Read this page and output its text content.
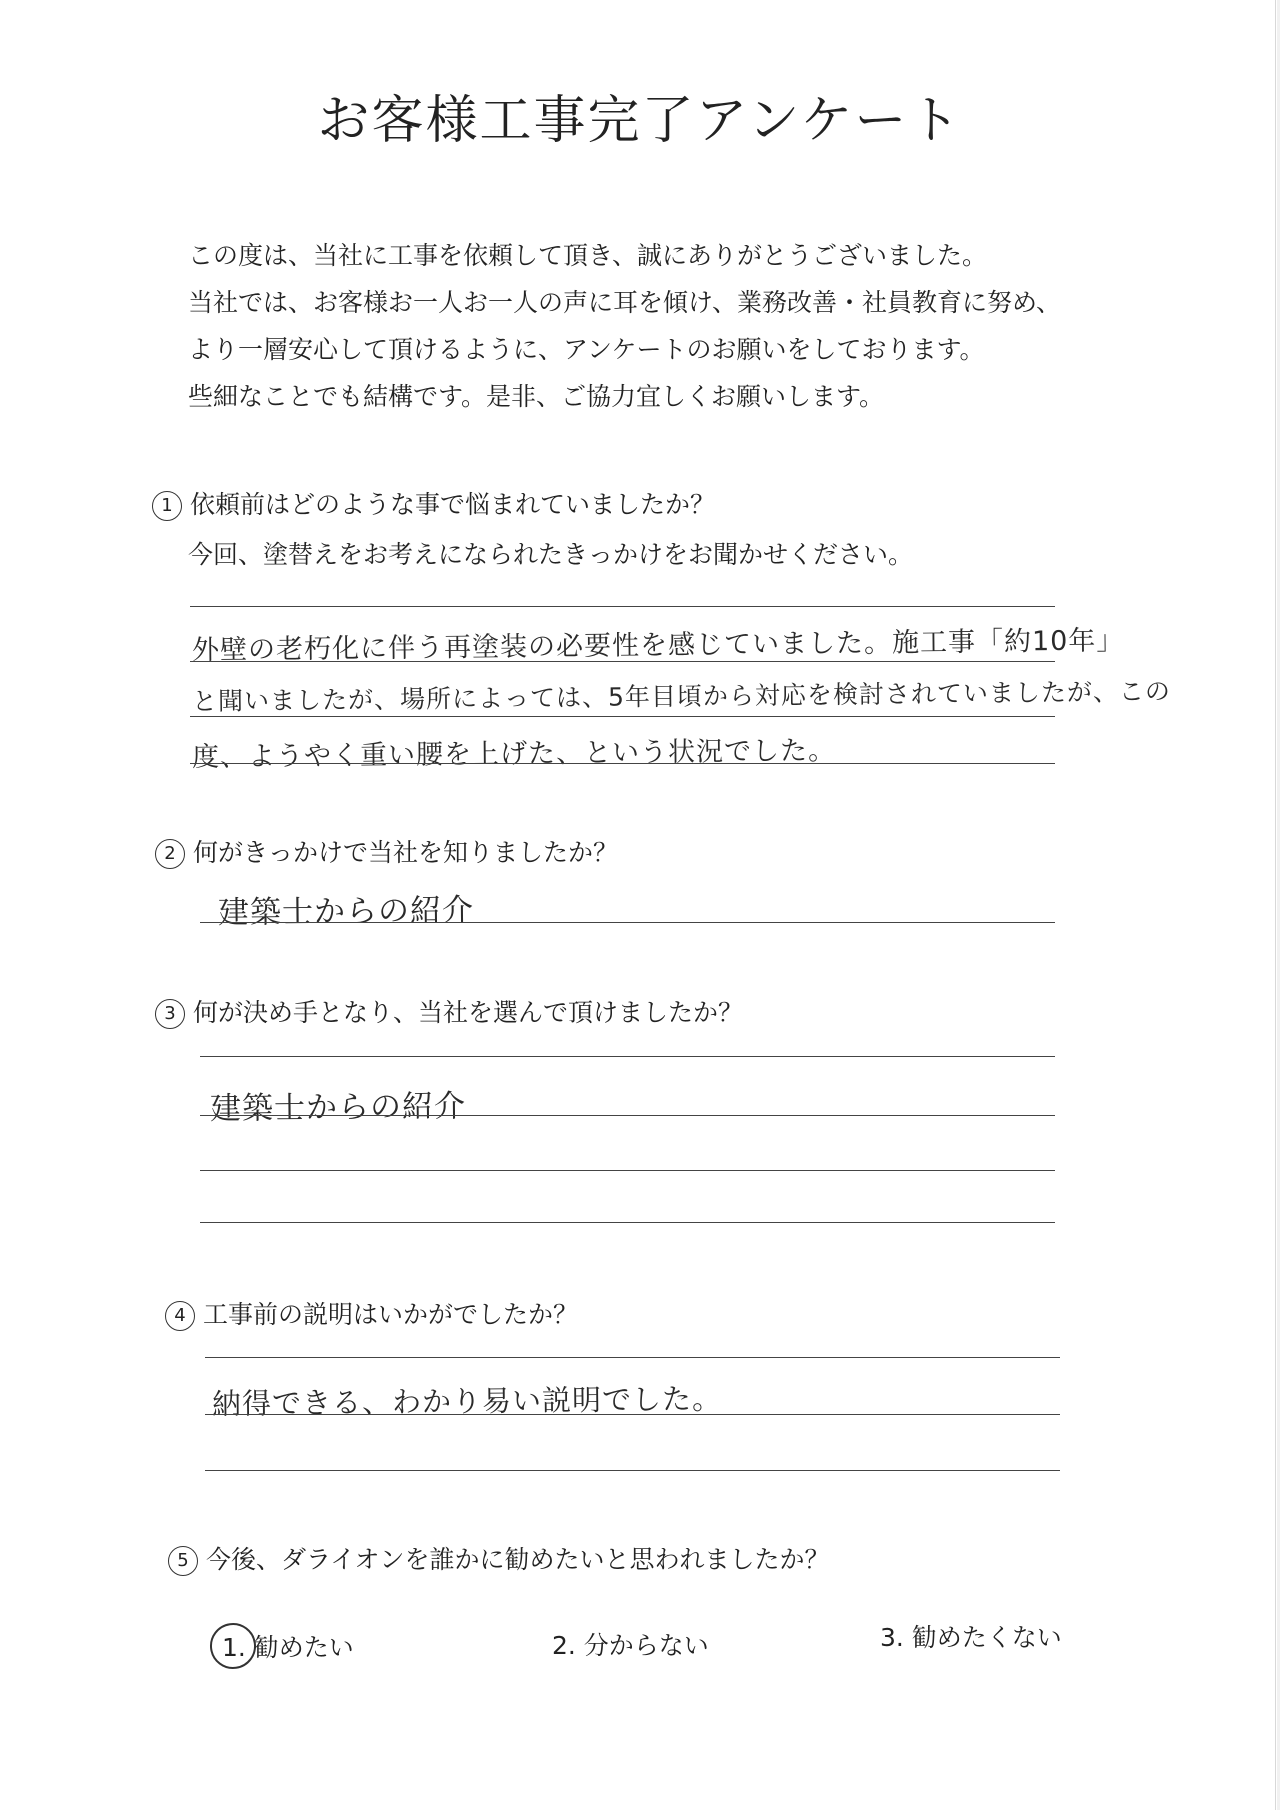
お客様工事完了アンケート
この度は、当社に工事を依頼して頂き、誠にありがとうございました。
当社では、お客様お一人お一人の声に耳を傾け、業務改善・社員教育に努め、
より一層安心して頂けるように、アンケートのお願いをしております。
些細なことでも結構です。是非、ご協力宜しくお願いします。
1 依頼前はどのような事で悩まれていましたか？
今回、塗替えをお考えになられたきっかけをお聞かせください。
外壁の老朽化に伴う再塗装の必要性を感じていました。施工事「約10年」
と聞いましたが、場所によっては、5年目頃から対応を検討されていましたが、この
度、ようやく重い腰を上げた、という状況でした。
2 何がきっかけで当社を知りましたか？
建築士からの紹介
3 何が決め手となり、当社を選んで頂けましたか？
建築士からの紹介
4 工事前の説明はいかがでしたか？
納得できる、わかり易い説明でした。
5 今後、ダライオンを誰かに勧めたいと思われましたか？
1. 勧めたい	2. 分からない	3. 勧めたくない
